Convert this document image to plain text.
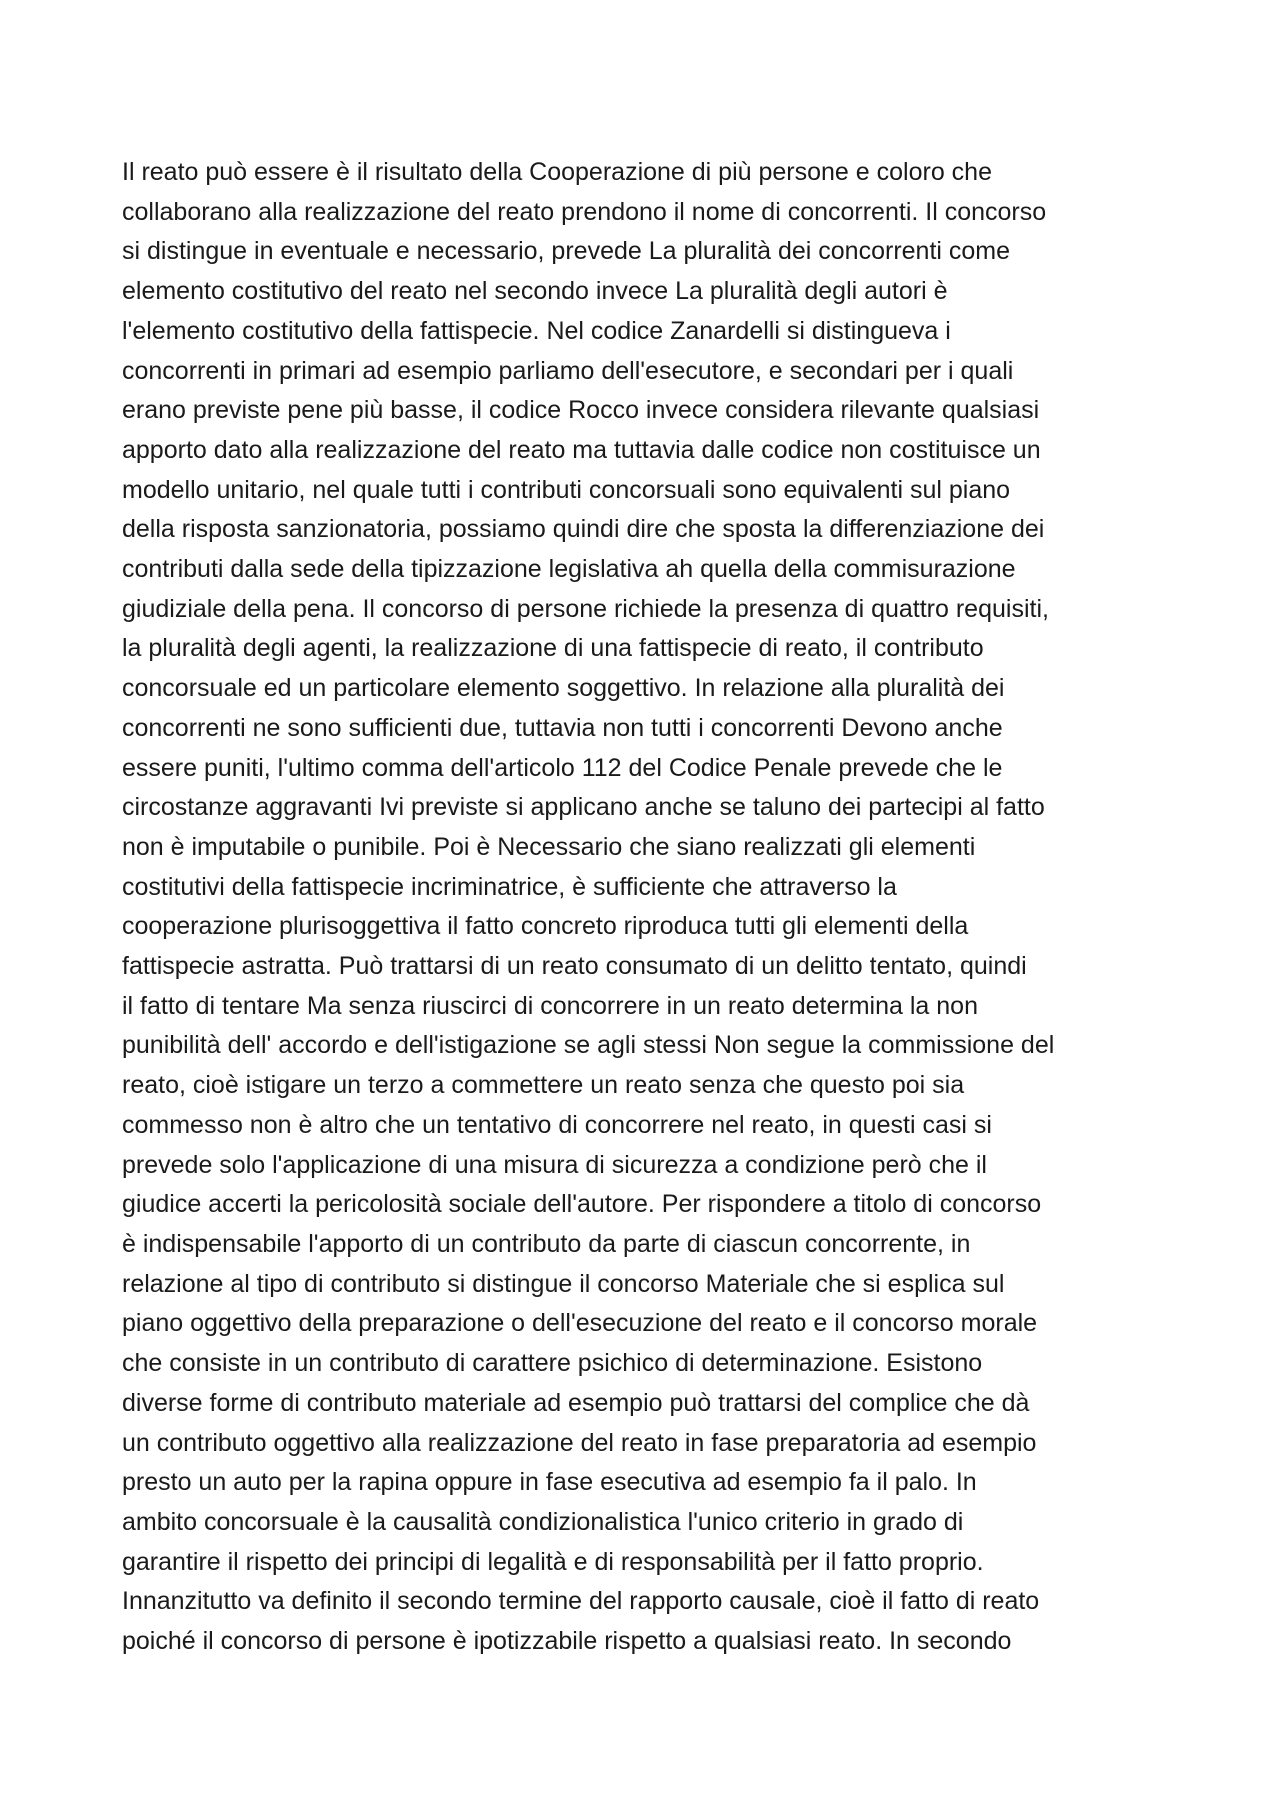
Il reato può essere è il risultato della Cooperazione di più persone e coloro che
collaborano alla realizzazione del reato prendono il nome di concorrenti. Il concorso
si distingue in eventuale e necessario, prevede La pluralità dei concorrenti come
elemento costitutivo del reato nel secondo invece La pluralità degli autori è
l'elemento costitutivo della fattispecie. Nel codice Zanardelli si distingueva i
concorrenti in primari ad esempio parliamo dell'esecutore, e secondari per i quali
erano previste pene più basse, il codice Rocco invece considera rilevante qualsiasi
apporto dato alla realizzazione del reato ma tuttavia dalle codice non costituisce un
modello unitario, nel quale tutti i contributi concorsuali sono equivalenti sul piano
della risposta sanzionatoria, possiamo quindi dire che sposta la differenziazione dei
contributi dalla sede della tipizzazione legislativa ah quella della commisurazione
giudiziale della pena. Il concorso di persone richiede la presenza di quattro requisiti,
la pluralità degli agenti, la realizzazione di una fattispecie di reato, il contributo
concorsuale ed un particolare elemento soggettivo. In relazione alla pluralità dei
concorrenti ne sono sufficienti due, tuttavia non tutti i concorrenti Devono anche
essere puniti, l'ultimo comma dell'articolo 112 del Codice Penale prevede che le
circostanze aggravanti Ivi previste si applicano anche se taluno dei partecipi al fatto
non è imputabile o punibile. Poi è Necessario che siano realizzati gli elementi
costitutivi della fattispecie incriminatrice, è sufficiente che attraverso la
cooperazione plurisoggettiva il fatto concreto riproduca tutti gli elementi della
fattispecie astratta. Può trattarsi di un reato consumato di un delitto tentato, quindi
il fatto di tentare Ma senza riuscirci di concorrere in un reato determina la non
punibilità dell' accordo e dell'istigazione se agli stessi Non segue la commissione del
reato, cioè istigare un terzo a commettere un reato senza che questo poi sia
commesso non è altro che un tentativo di concorrere nel reato, in questi casi si
prevede solo l'applicazione di una misura di sicurezza a condizione però che il
giudice accerti la pericolosità sociale dell'autore. Per rispondere a titolo di concorso
è indispensabile l'apporto di un contributo da parte di ciascun concorrente, in
relazione al tipo di contributo si distingue il concorso Materiale che si esplica sul
piano oggettivo della preparazione o dell'esecuzione del reato e il concorso morale
che consiste in un contributo di carattere psichico di determinazione. Esistono
diverse forme di contributo materiale ad esempio può trattarsi del complice che dà
un contributo oggettivo alla realizzazione del reato in fase preparatoria ad esempio
presto un auto per la rapina oppure in fase esecutiva ad esempio fa il palo. In
ambito concorsuale è la causalità condizionalistica l'unico criterio in grado di
garantire il rispetto dei principi di legalità e di responsabilità per il fatto proprio.
Innanzitutto va definito il secondo termine del rapporto causale, cioè il fatto di reato
poiché il concorso di persone è ipotizzabile rispetto a qualsiasi reato. In secondo
